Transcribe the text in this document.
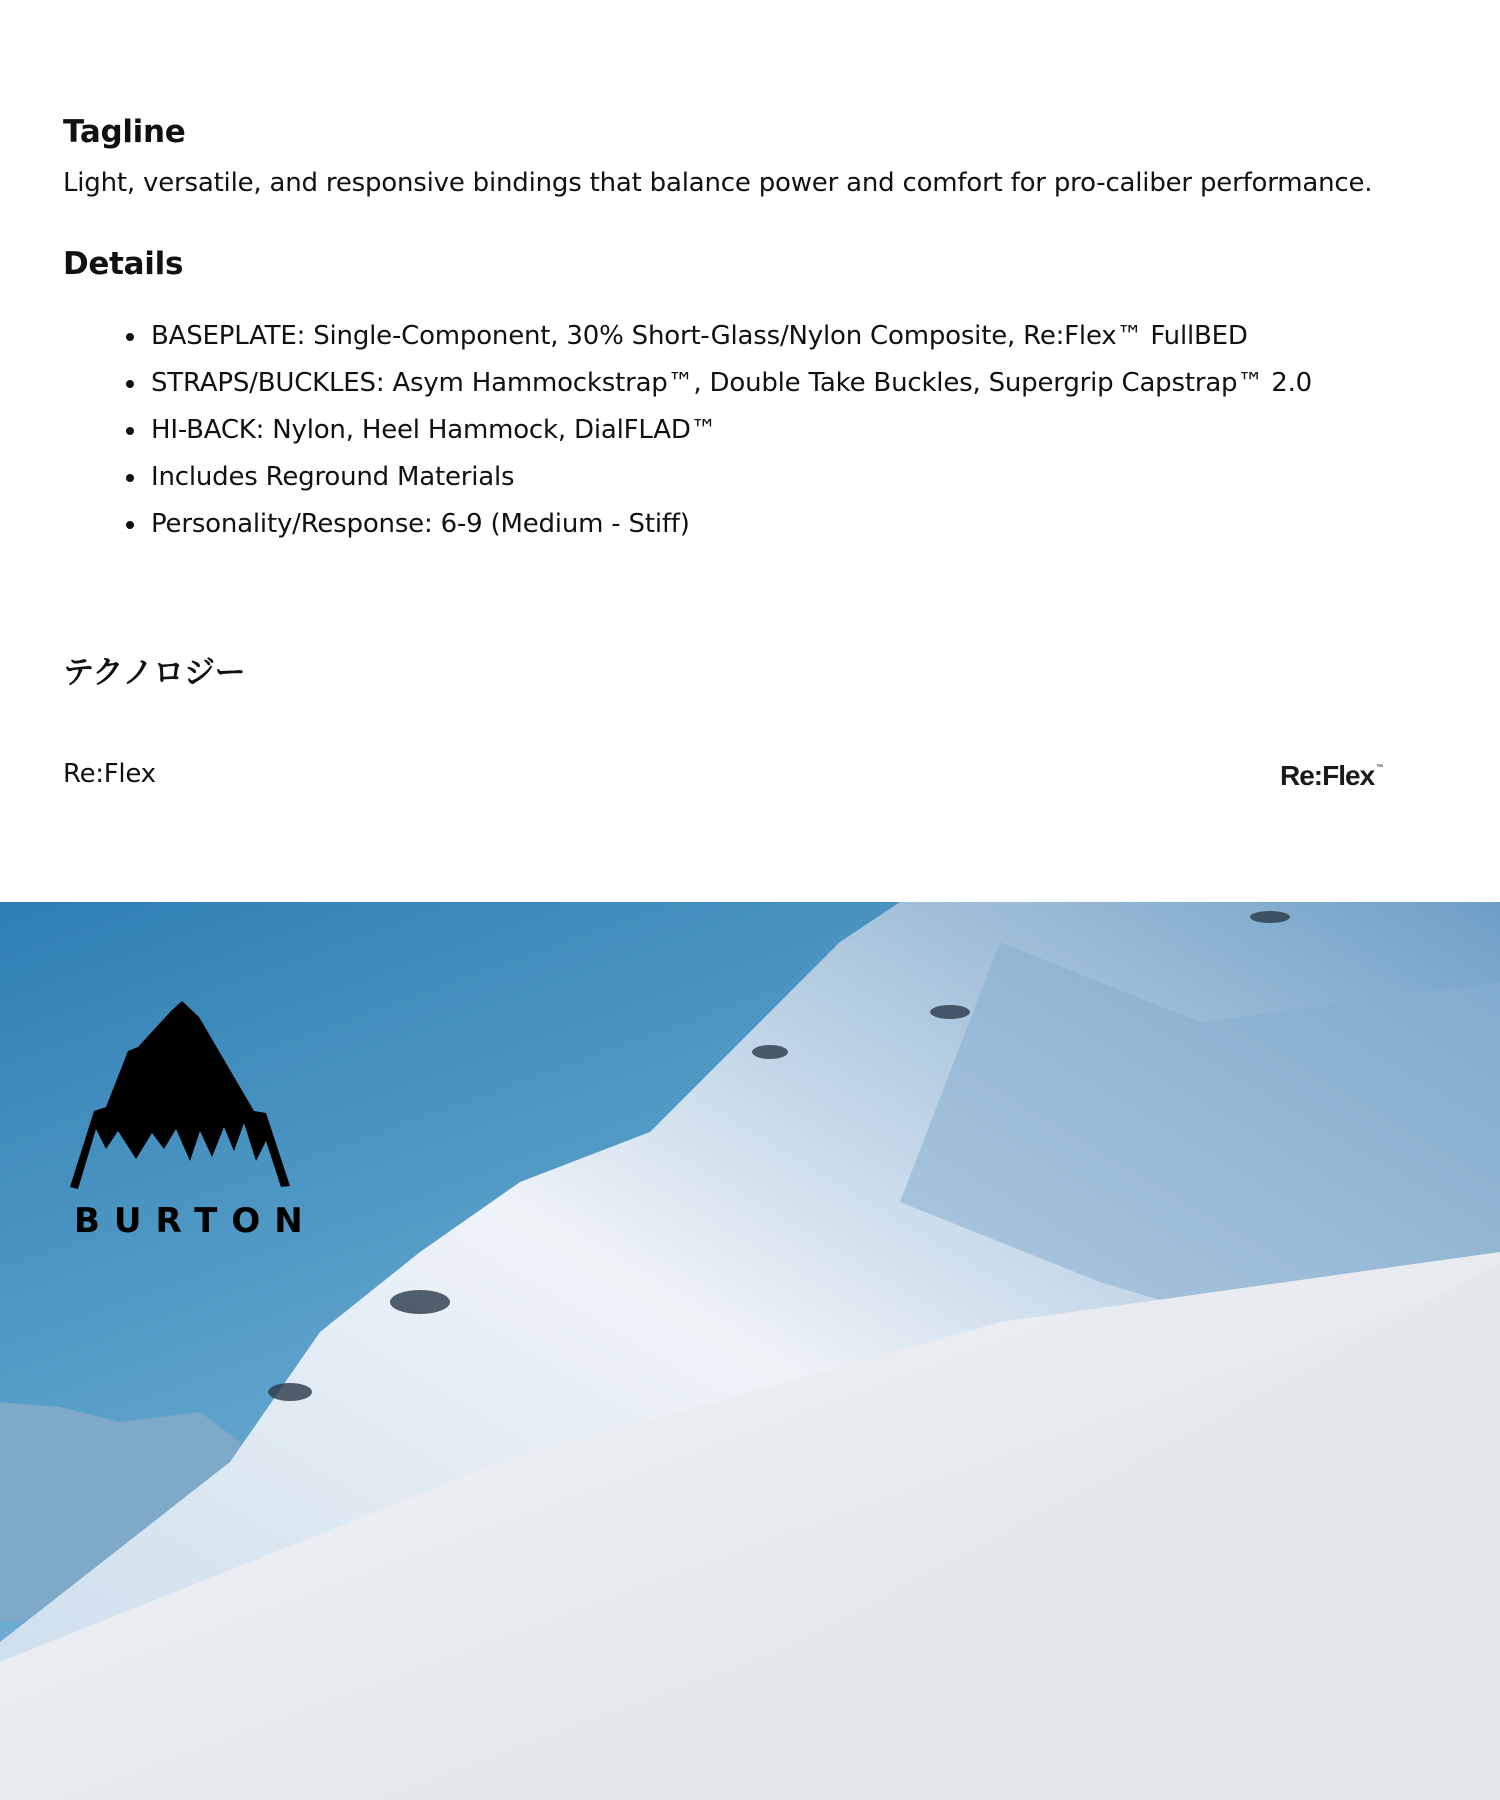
Tagline
Light, versatile, and responsive bindings that balance power and comfort for pro-caliber performance.
Details
BASEPLATE: Single-Component, 30% Short-Glass/Nylon Composite, Re:Flex™ FullBED
STRAPS/BUCKLES: Asym Hammockstrap™, Double Take Buckles, Supergrip Capstrap™ 2.0
HI-BACK: Nylon, Heel Hammock, DialFLAD™
Includes Reground Materials
Personality/Response: 6-9 (Medium - Stiff)
テクノロジー
Re:Flex	Re:Flex ™
BURTON
